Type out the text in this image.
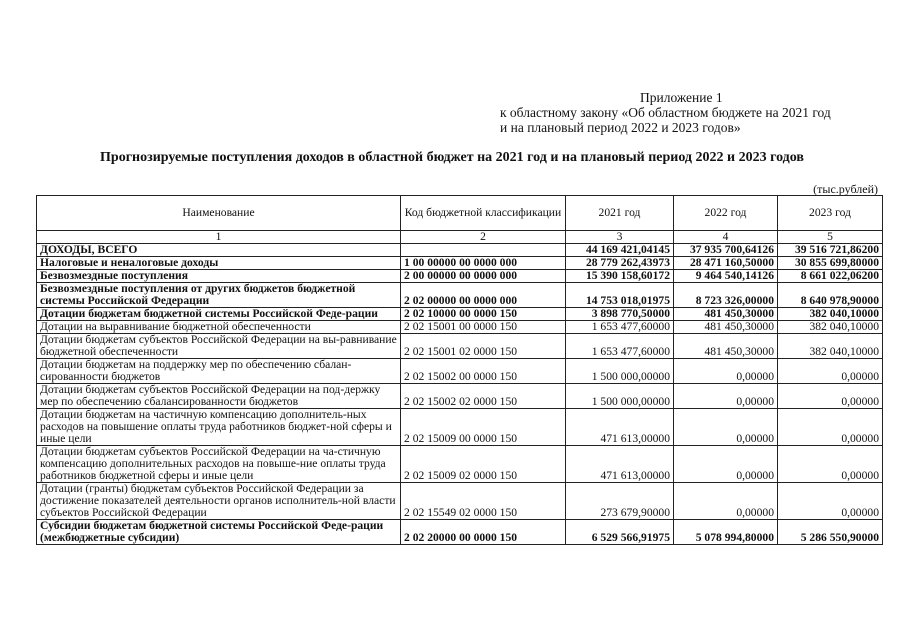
Приложение 1
к областному закону «Об областном бюджете на 2021 год
и на плановый период 2022 и 2023 годов»
Прогнозируемые поступления доходов в областной бюджет на 2021 год и на плановый период 2022 и 2023 годов
(тыс.рублей)
Наименование	Код бюджетной классификации	2021 год	2022 год	2023 год
1	2	3	4	5
ДОХОДЫ, ВСЕГО		44 169 421,04145	37 935 700,64126	39 516 721,86200
Налоговые и неналоговые доходы	1 00 00000 00 0000 000	28 779 262,43973	28 471 160,50000	30 855 699,80000
Безвозмездные поступления	2 00 00000 00 0000 000	15 390 158,60172	9 464 540,14126	8 661 022,06200
Безвозмездные поступления от других бюджетов бюджетной системы Российской Федерации	2 02 00000 00 0000 000	14 753 018,01975	8 723 326,00000	8 640 978,90000
Дотации бюджетам бюджетной системы Российской Феде-рации	2 02 10000 00 0000 150	3 898 770,50000	481 450,30000	382 040,10000
Дотации на выравнивание бюджетной обеспеченности	2 02 15001 00 0000 150	1 653 477,60000	481 450,30000	382 040,10000
Дотации бюджетам субъектов Российской Федерации на вы-равнивание бюджетной обеспеченности	2 02 15001 02 0000 150	1 653 477,60000	481 450,30000	382 040,10000
Дотации бюджетам на поддержку мер по обеспечению сбалан-сированности бюджетов	2 02 15002 00 0000 150	1 500 000,00000	0,00000	0,00000
Дотации бюджетам субъектов Российской Федерации на под-держку мер по обеспечению сбалансированности бюджетов	2 02 15002 02 0000 150	1 500 000,00000	0,00000	0,00000
Дотации бюджетам на частичную компенсацию дополнитель-ных расходов на повышение оплаты труда работников бюджет-ной сферы и иные цели	2 02 15009 00 0000 150	471 613,00000	0,00000	0,00000
Дотации бюджетам субъектов Российской Федерации на ча-стичную компенсацию дополнительных расходов на повыше-ние оплаты труда работников бюджетной сферы и иные цели	2 02 15009 02 0000 150	471 613,00000	0,00000	0,00000
Дотации (гранты) бюджетам субъектов Российской Федерации за достижение показателей деятельности органов исполнитель-ной власти субъектов Российской Федерации	2 02 15549 02 0000 150	273 679,90000	0,00000	0,00000
Субсидии бюджетам бюджетной системы Российской Феде-рации (межбюджетные субсидии)	2 02 20000 00 0000 150	6 529 566,91975	5 078 994,80000	5 286 550,90000
